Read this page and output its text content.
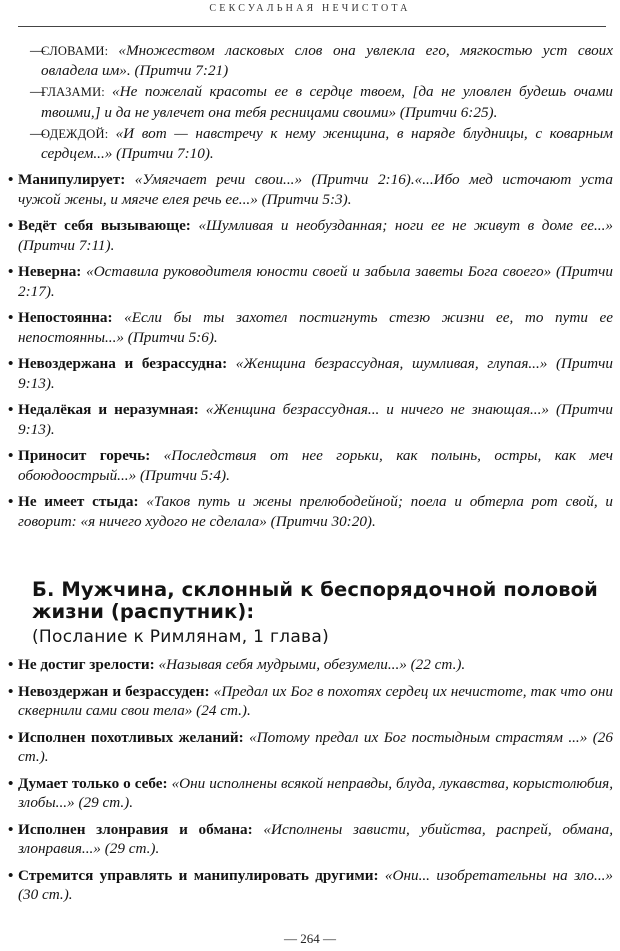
СЕКСУАЛЬНАЯ НЕЧИСТОТА
—
СЛОВАМИ: «Множеством ласковых слов она увлекла его, мягкостью уст своих овладела им». (Притчи 7:21)
—
ГЛАЗАМИ: «Не пожелай красоты ее в сердце твоем, [да не уловлен будешь очами твоими,] и да не увлечет она тебя ресницами своими» (Притчи 6:25).
—
ОДЕЖДОЙ: «И вот — навстречу к нему женщина, в наряде блудницы, с коварным сердцем...» (Притчи 7:10).
• Манипулирует: «Умягчает речи свои...» (Притчи 2:16).«...Ибо мед источают уста чужой жены, и мягче елея речь ее...» (Притчи 5:3).
• Ведёт себя вызывающе: «Шумливая и необузданная; ноги ее не живут в доме ее...» (Притчи 7:11).
• Неверна: «Оставила руководителя юности своей и забыла заветы Бога своего» (Притчи 2:17).
• Непостоянна: «Если бы ты захотел постигнуть стезю жизни ее, то пути ее непостоянны...» (Притчи 5:6).
• Невоздержана и безрассудна: «Женщина безрассудная, шумливая, глупая...» (Притчи 9:13).
• Недалёкая и неразумная: «Женщина безрассудная... и ничего не знающая...» (Притчи 9:13).
• Приносит горечь: «Последствия от нее горьки, как полынь, остры, как меч обоюдоострый...» (Притчи 5:4).
• Не имеет стыда: «Таков путь и жены прелюбодейной; поела и обтерла рот свой, и говорит: «я ничего худого не сделала» (Притчи 30:20).
Б. Мужчина, склонный к беспорядочной половой жизни (распутник):
(Послание к Римлянам, 1 глава)
• Не достиг зрелости: «Называя себя мудрыми, обезумели...» (22 ст.).
• Невоздержан и безрассуден: «Предал их Бог в похотях сердец их нечистоте, так что они сквернили сами свои тела» (24 ст.).
• Исполнен похотливых желаний: «Потому предал их Бог постыдным страстям ...» (26 ст.).
• Думает только о себе: «Они исполнены всякой неправды, блуда, лукавства, корыстолюбия, злобы...» (29 ст.).
• Исполнен злонравия и обмана: «Исполнены зависти, убийства, распрей, обмана, злонравия...» (29 ст.).
• Стремится управлять и манипулировать другими: «Они... изобретательны на зло...» (30 ст.).
— 264 —
